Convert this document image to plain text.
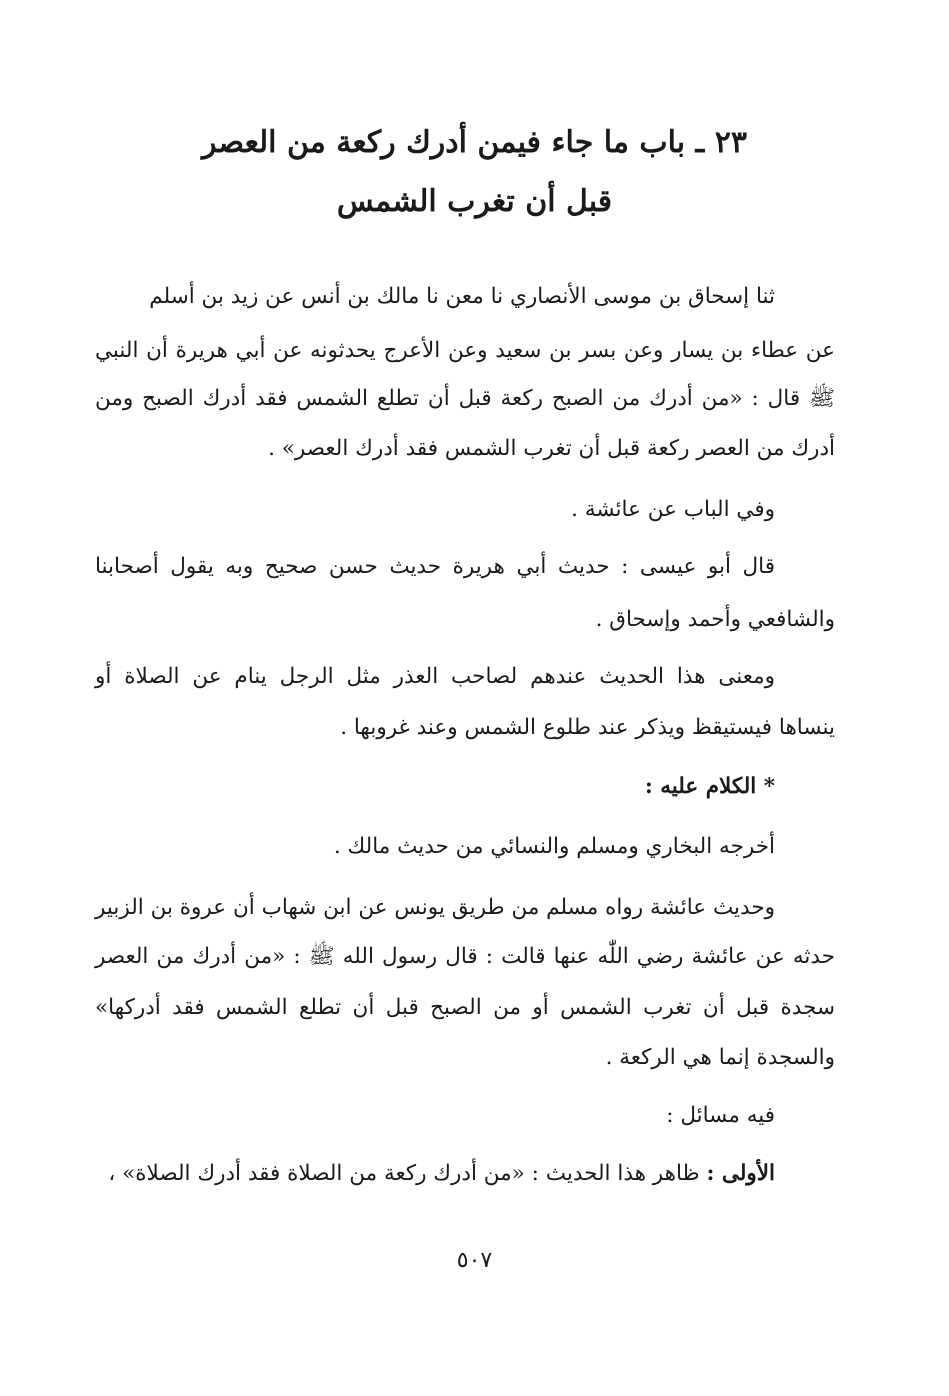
٢٣ ـ باب ما جاء فيمن أدرك ركعة من العصر
قبل أن تغرب الشمس
ثنا إسحاق بن موسى الأنصاري نا معن نا مالك بن أنس عن زيد بن أسلم
عن عطاء بن يسار وعن بسر بن سعيد وعن الأعرج يحدثونه عن أبي هريرة أن النبي
ﷺ قال : «من أدرك من الصبح ركعة قبل أن تطلع الشمس فقد أدرك الصبح ومن
أدرك من العصر ركعة قبل أن تغرب الشمس فقد أدرك العصر» .
وفي الباب عن عائشة .
قال أبو عيسى : حديث أبي هريرة حديث حسن صحيح وبه يقول أصحابنا
والشافعي وأحمد وإسحاق .
ومعنى هذا الحديث عندهم لصاحب العذر مثل الرجل ينام عن الصلاة أو
ينساها فيستيقظ ويذكر عند طلوع الشمس وعند غروبها .
* الكلام عليه :
أخرجه البخاري ومسلم والنسائي من حديث مالك .
وحديث عائشة رواه مسلم من طريق يونس عن ابن شهاب أن عروة بن الزبير
حدثه عن عائشة رضي اللّٰه عنها قالت : قال رسول الله ﷺ : «من أدرك من العصر
سجدة قبل أن تغرب الشمس أو من الصبح قبل أن تطلع الشمس فقد أدركها»
والسجدة إنما هي الركعة .
فيه مسائل :
الأولى : ظاهر هذا الحديث : «من أدرك ركعة من الصلاة فقد أدرك الصلاة» ،
٥٠٧
